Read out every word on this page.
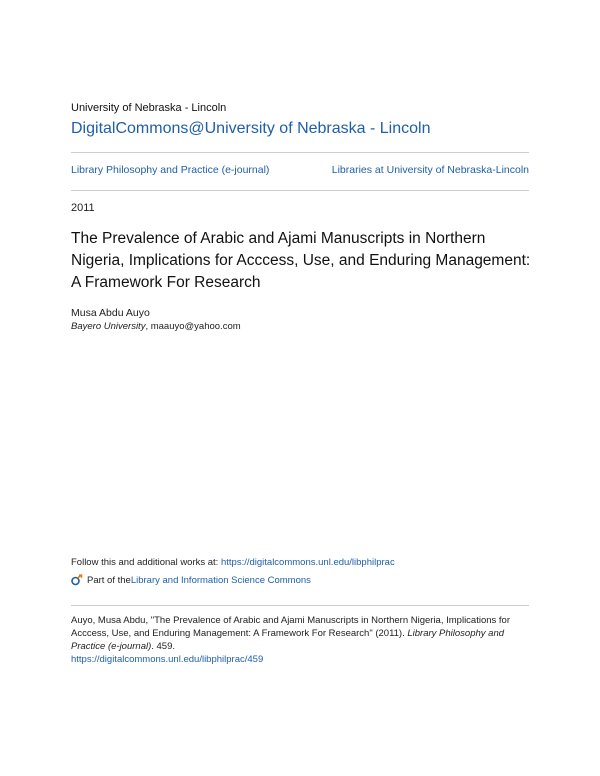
University of Nebraska - Lincoln
DigitalCommons@University of Nebraska - Lincoln
Library Philosophy and Practice (e-journal)	Libraries at University of Nebraska-Lincoln
2011
The Prevalence of Arabic and Ajami Manuscripts in Northern Nigeria, Implications for Acccess, Use, and Enduring Management: A Framework For Research
Musa Abdu Auyo
Bayero University, maauyo@yahoo.com
Follow this and additional works at: https://digitalcommons.unl.edu/libphilprac
Part of the Library and Information Science Commons
Auyo, Musa Abdu, "The Prevalence of Arabic and Ajami Manuscripts in Northern Nigeria, Implications for Acccess, Use, and Enduring Management: A Framework For Research" (2011). Library Philosophy and Practice (e-journal). 459.
https://digitalcommons.unl.edu/libphilprac/459
